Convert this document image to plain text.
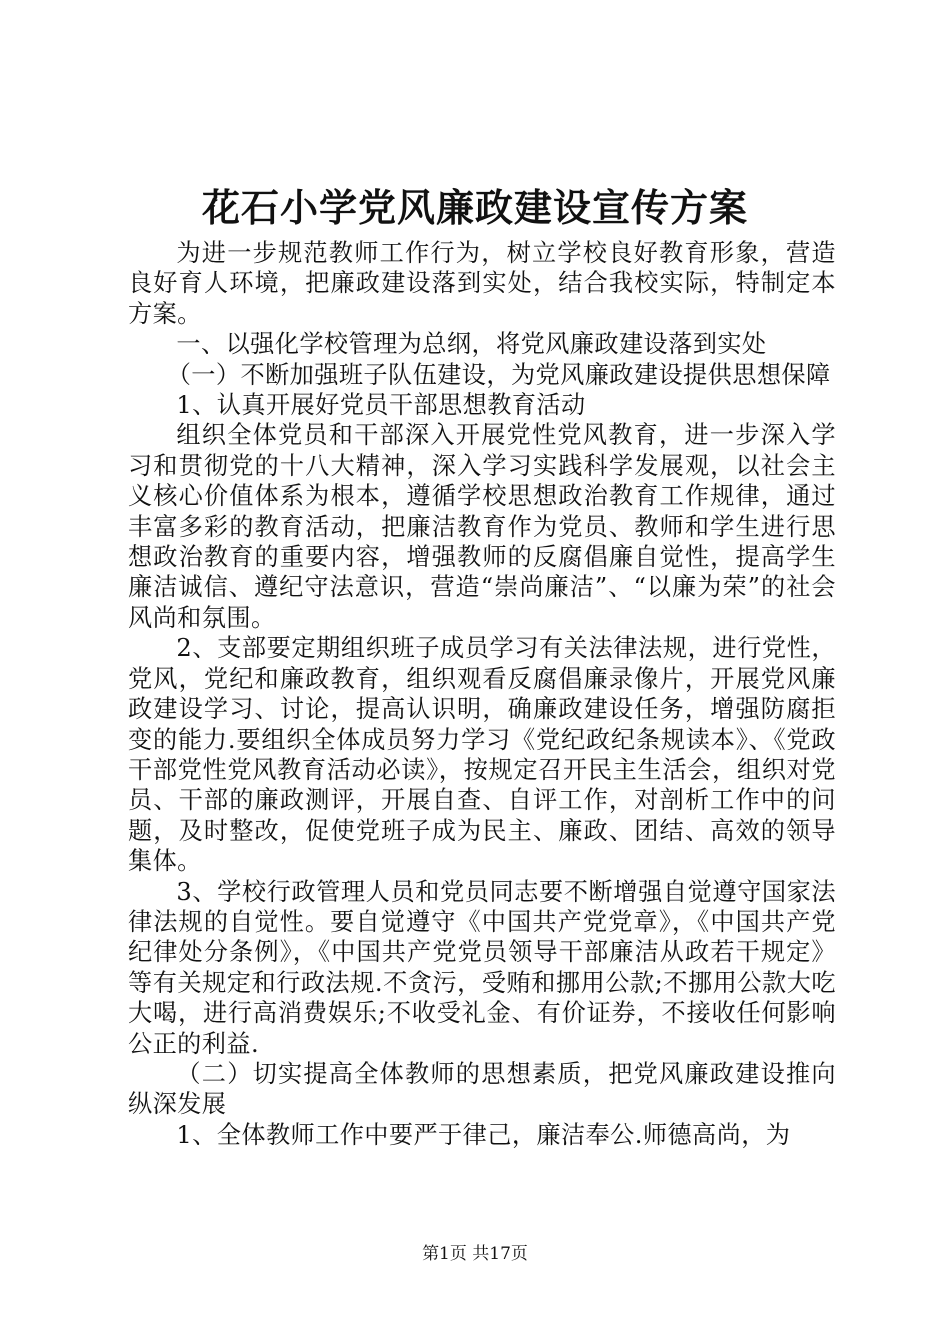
花石小学党风廉政建设宣传方案

为进一步规范教师工作行为，树立学校良好教育形象，营造良好育人环境，把廉政建设落到实处，结合我校实际，特制定本方案。

一、以强化学校管理为总纲，将党风廉政建设落到实处

（一）不断加强班子队伍建设，为党风廉政建设提供思想保障

1、认真开展好党员干部思想教育活动

组织全体党员和干部深入开展党性党风教育，进一步深入学习和贯彻党的十八大精神，深入学习实践科学发展观，以社会主义核心价值体系为根本，遵循学校思想政治教育工作规律，通过丰富多彩的教育活动，把廉洁教育作为党员、教师和学生进行思想政治教育的重要内容，增强教师的反腐倡廉自觉性，提高学生廉洁诚信、遵纪守法意识，营造“崇尚廉洁”、“以廉为荣”的社会风尚和氛围。

2、支部要定期组织班子成员学习有关法律法规，进行党性，党风，党纪和廉政教育，组织观看反腐倡廉录像片，开展党风廉政建设学习、讨论，提高认识明，确廉政建设任务，增强防腐拒变的能力.要组织全体成员努力学习《党纪政纪条规读本》、《党政干部党性党风教育活动必读》，按规定召开民主生活会，组织对党员、干部的廉政测评，开展自查、自评工作，对剖析工作中的问题，及时整改，促使党班子成为民主、廉政、团结、高效的领导集体。

3、学校行政管理人员和党员同志要不断增强自觉遵守国家法律法规的自觉性。要自觉遵守《中国共产党党章》，《中国共产党纪律处分条例》，《中国共产党党员领导干部廉洁从政若干规定》等有关规定和行政法规.不贪污，受贿和挪用公款;不挪用公款大吃大喝，进行高消费娱乐;不收受礼金、有价证券，不接收任何影响公正的利益.

（二）切实提高全体教师的思想素质，把党风廉政建设推向纵深发展

1、全体教师工作中要严于律己，廉洁奉公.师德高尚，为

第1页 共17页
